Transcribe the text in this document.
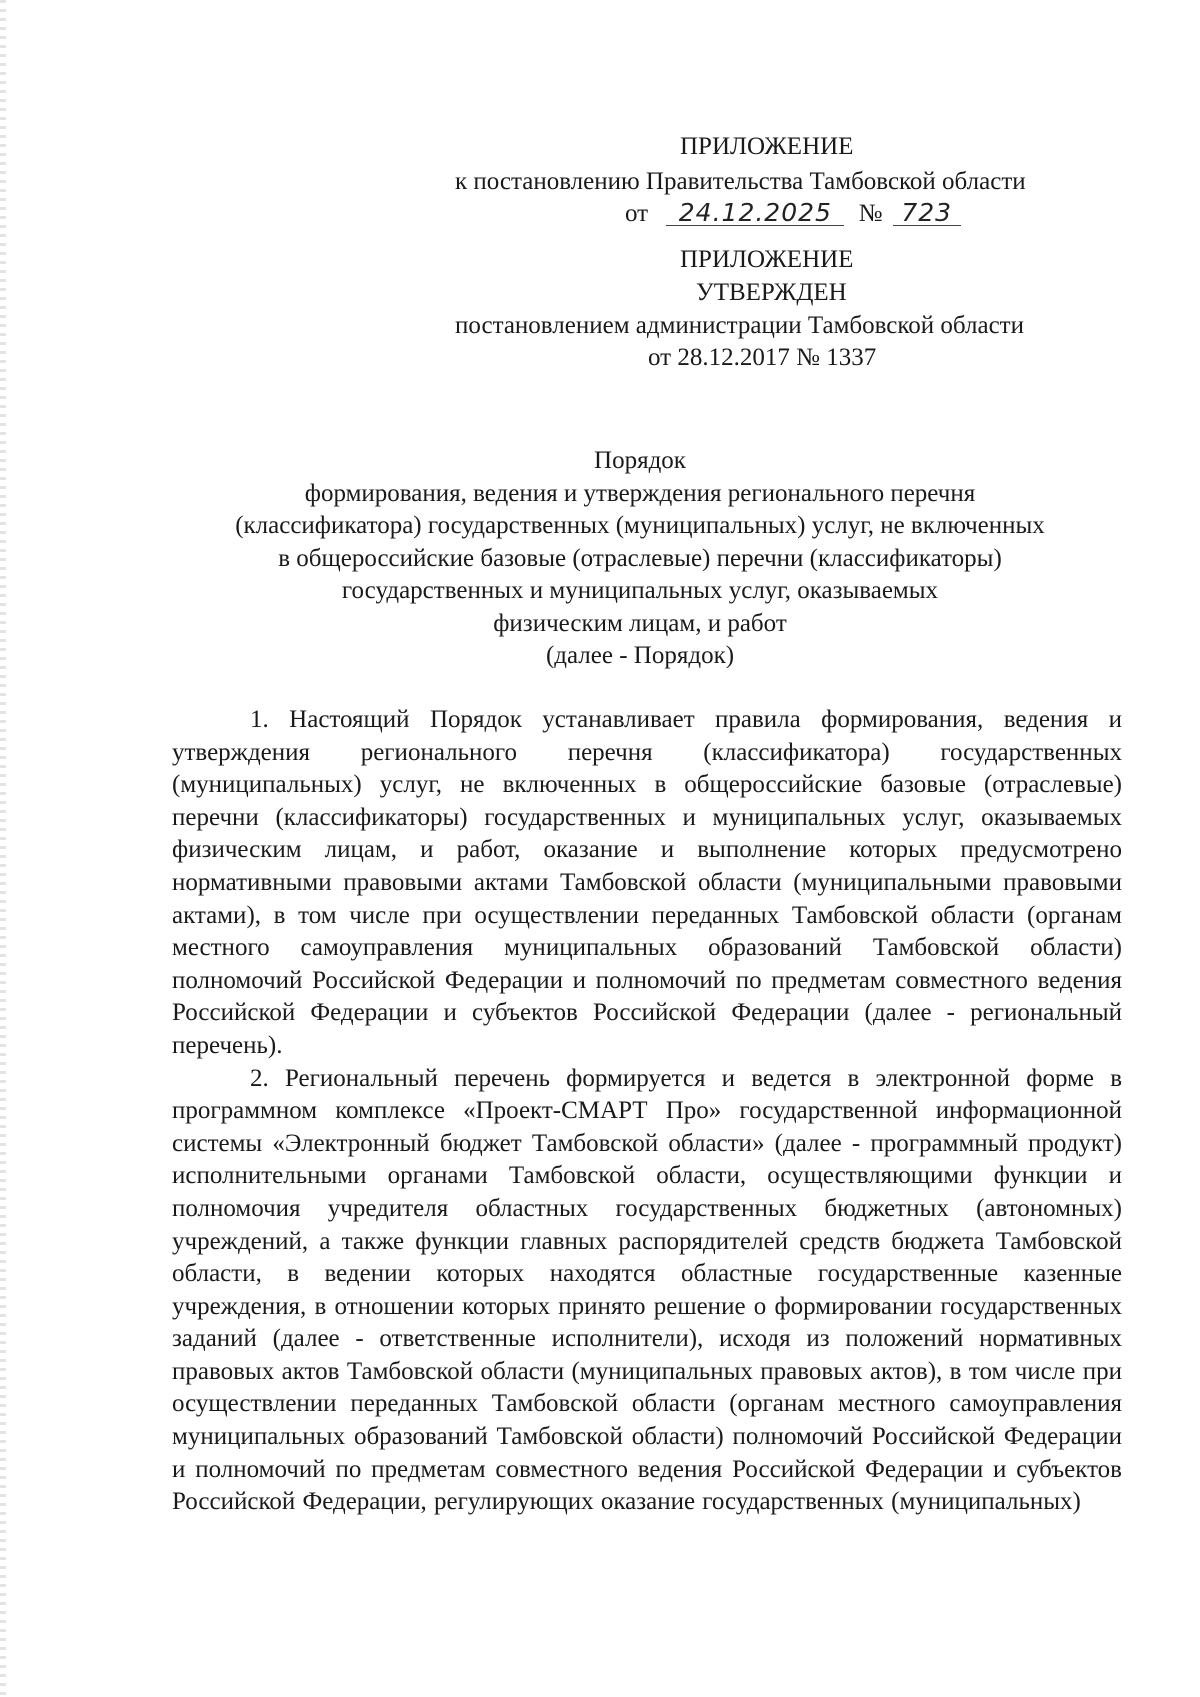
ПРИЛОЖЕНИЕ
к постановлению Правительства Тамбовской области
от 24.12.2025 № 723
ПРИЛОЖЕНИЕ
УТВЕРЖДЕН
постановлением администрации Тамбовской области
от 28.12.2017 № 1337
Порядок
формирования, ведения и утверждения регионального перечня
(классификатора) государственных (муниципальных) услуг, не включенных
в общероссийские базовые (отраслевые) перечни (классификаторы)
государственных и муниципальных услуг, оказываемых
физическим лицам, и работ
(далее - Порядок)

1. Настоящий Порядок устанавливает правила формирования, ведения и утверждения регионального перечня (классификатора) государственных (муниципальных) услуг, не включенных в общероссийские базовые (отраслевые) перечни (классификаторы) государственных и муниципальных услуг, оказываемых физическим лицам, и работ, оказание и выполнение которых предусмотрено нормативными правовыми актами Тамбовской области (муниципальными правовыми актами), в том числе при осуществлении переданных Тамбовской области (органам местного самоуправления муниципальных образований Тамбовской области) полномочий Российской Федерации и полномочий по предметам совместного ведения Российской Федерации и субъектов Российской Федерации (далее - региональный перечень).

2. Региональный перечень формируется и ведется в электронной форме в программном комплексе «Проект-СМАРТ Про» государственной информационной системы «Электронный бюджет Тамбовской области» (далее - программный продукт) исполнительными органами Тамбовской области, осуществляющими функции и полномочия учредителя областных государственных бюджетных (автономных) учреждений, а также функции главных распорядителей средств бюджета Тамбовской области, в ведении которых находятся областные государственные казенные учреждения, в отношении которых принято решение о формировании государственных заданий (далее - ответственные исполнители), исходя из положений нормативных правовых актов Тамбовской области (муниципальных правовых актов), в том числе при осуществлении переданных Тамбовской области (органам местного самоуправления муниципальных образований Тамбовской области) полномочий Российской Федерации и полномочий по предметам совместного ведения Российской Федерации и субъектов Российской Федерации, регулирующих оказание государственных (муниципальных)
